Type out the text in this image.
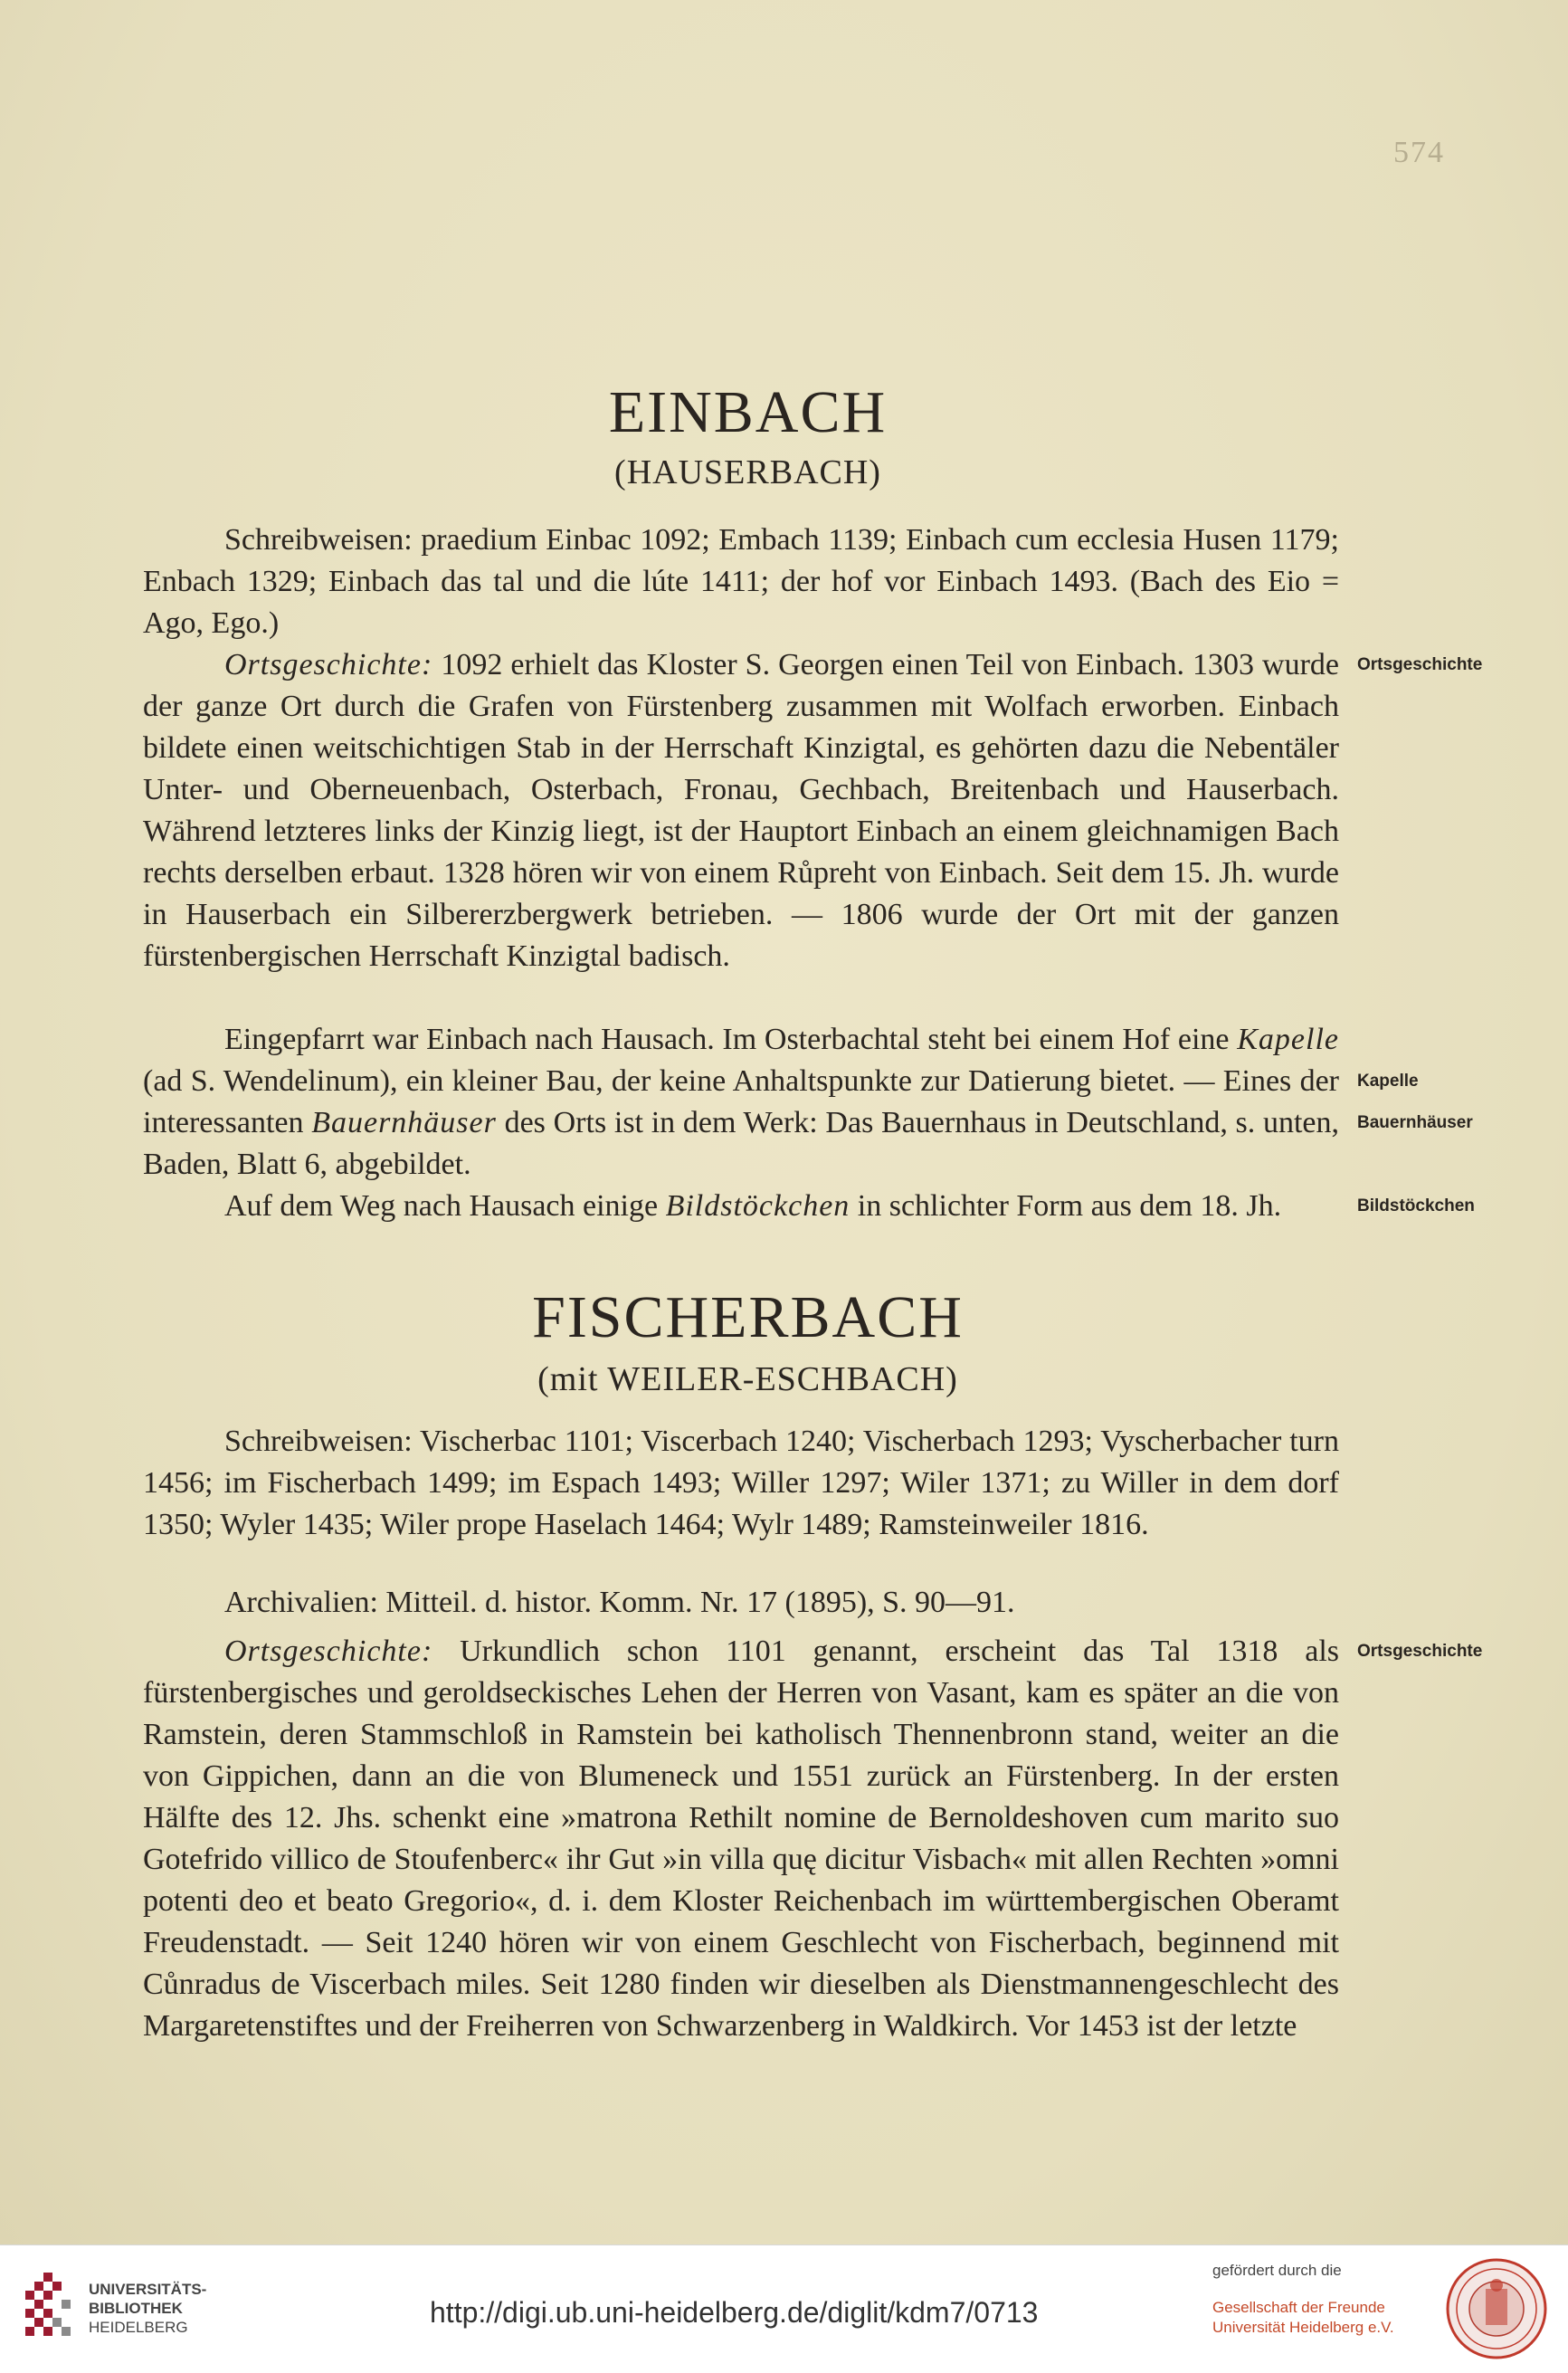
574
EINBACH
(HAUSERBACH)

Schreibweisen: praedium Einbac 1092; Embach 1139; Einbach cum ecclesia Husen 1179; Enbach 1329; Einbach das tal und die lúte 1411; der hof vor Einbach 1493. (Bach des Eio = Ago, Ego.)

Ortsgeschichte: 1092 erhielt das Kloster S. Georgen einen Teil von Einbach. 1303 wurde der ganze Ort durch die Grafen von Fürstenberg zusammen mit Wolfach erworben. Einbach bildete einen weitschichtigen Stab in der Herrschaft Kinzigtal, es gehörten dazu die Nebentäler Unter- und Oberneuenbach, Osterbach, Fronau, Gechbach, Breitenbach und Hauserbach. Während letzteres links der Kinzig liegt, ist der Hauptort Einbach an einem gleichnamigen Bach rechts derselben erbaut. 1328 hören wir von einem Růpreht von Einbach. Seit dem 15. Jh. wurde in Hauserbach ein Silbererzbergwerk betrieben. — 1806 wurde der Ort mit der ganzen fürstenbergischen Herrschaft Kinzigtal badisch.

Eingepfarrt war Einbach nach Hausach. Im Osterbachtal steht bei einem Hof eine Kapelle (ad S. Wendelinum), ein kleiner Bau, der keine Anhaltspunkte zur Datierung bietet. — Eines der interessanten Bauernhäuser des Orts ist in dem Werk: Das Bauernhaus in Deutschland, s. unten, Baden, Blatt 6, abgebildet.

Auf dem Weg nach Hausach einige Bildstöckchen in schlichter Form aus dem 18. Jh.

Ortsgeschichte
Kapelle
Bauernhäuser
Bildstöckchen
FISCHERBACH
(mit WEILER-ESCHBACH)

Schreibweisen: Vischerbac 1101; Viscerbach 1240; Vischerbach 1293; Vyscherbacher turn 1456; im Fischerbach 1499; im Espach 1493; Willer 1297; Wiler 1371; zu Willer in dem dorf 1350; Wyler 1435; Wiler prope Haselach 1464; Wylr 1489; Ramsteinweiler 1816.

Archivalien: Mitteil. d. histor. Komm. Nr. 17 (1895), S. 90—91.

Ortsgeschichte: Urkundlich schon 1101 genannt, erscheint das Tal 1318 als fürstenbergisches und geroldseckisches Lehen der Herren von Vasant, kam es später an die von Ramstein, deren Stammschloß in Ramstein bei katholisch Thennenbronn stand, weiter an die von Gippichen, dann an die von Blumeneck und 1551 zurück an Fürstenberg. In der ersten Hälfte des 12. Jhs. schenkt eine »matrona Rethilt nomine de Bernoldeshoven cum marito suo Gotefrido villico de Stoufenberc« ihr Gut »in villa quę dicitur Visbach« mit allen Rechten »omni potenti deo et beato Gregorio«, d. i. dem Kloster Reichenbach im württembergischen Oberamt Freudenstadt. — Seit 1240 hören wir von einem Geschlecht von Fischerbach, beginnend mit Cůnradus de Viscerbach miles. Seit 1280 finden wir dieselben als Dienstmannengeschlecht des Margaretenstiftes und der Freiherren von Schwarzenberg in Waldkirch. Vor 1453 ist der letzte

Ortsgeschichte
UNIVERSITÄTS-
BIBLIOTHEK
HEIDELBERG	http://digi.ub.uni-heidelberg.de/diglit/kdm7/0713
gefördert durch die
Gesellschaft der Freunde
Universität Heidelberg e.V.
